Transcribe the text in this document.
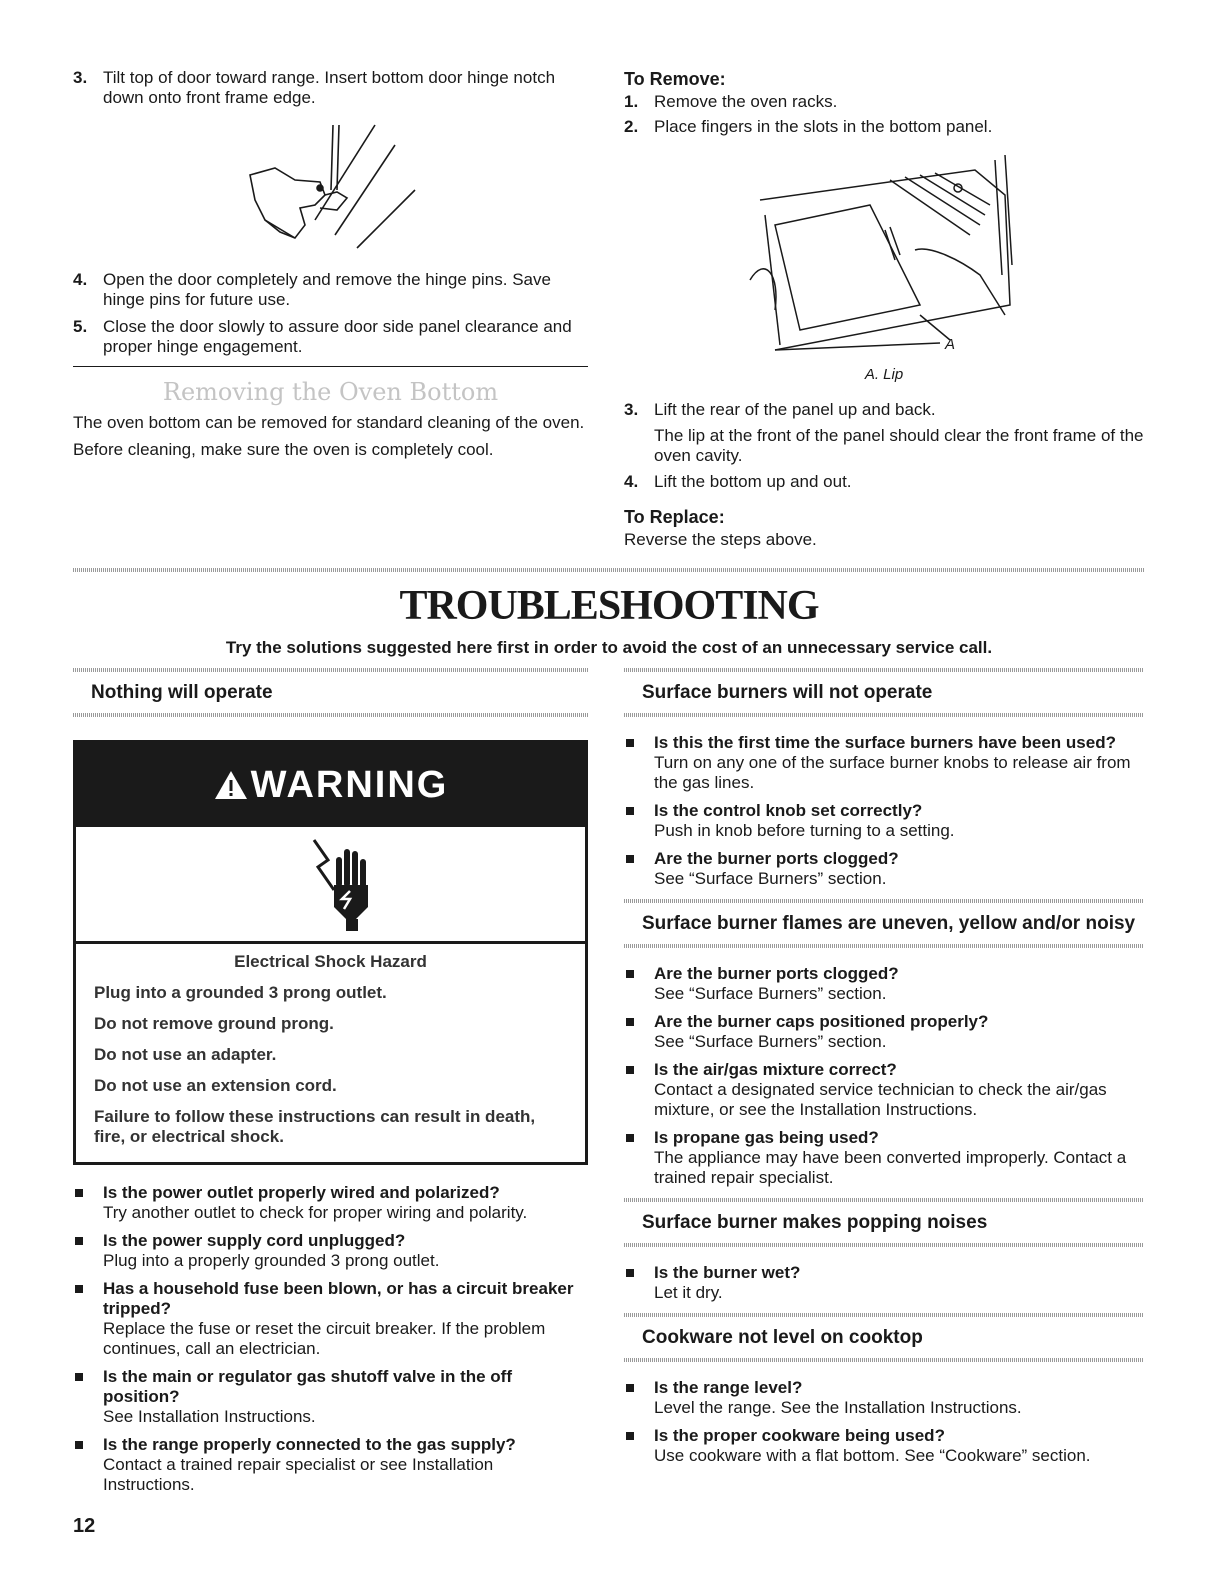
3. Tilt top of door toward range. Insert bottom door hinge notch down onto front frame edge.
4. Open the door completely and remove the hinge pins. Save hinge pins for future use.
5. Close the door slowly to assure door side panel clearance and proper hinge engagement.
Removing the Oven Bottom
The oven bottom can be removed for standard cleaning of the oven.
Before cleaning, make sure the oven is completely cool.
To Remove:
1. Remove the oven racks.
2. Place fingers in the slots in the bottom panel.
A
A. Lip
3. Lift the rear of the panel up and back.
The lip at the front of the panel should clear the front frame of the oven cavity.
4. Lift the bottom up and out.
To Replace:
Reverse the steps above.
TROUBLESHOOTING
Try the solutions suggested here first in order to avoid the cost of an unnecessary service call.
Nothing will operate
WARNING
Electrical Shock Hazard

Plug into a grounded 3 prong outlet.

Do not remove ground prong.

Do not use an adapter.

Do not use an extension cord.

Failure to follow these instructions can result in death, fire, or electrical shock.

Is the power outlet properly wired and polarized?
Try another outlet to check for proper wiring and polarity.
Is the power supply cord unplugged?
Plug into a properly grounded 3 prong outlet.
Has a household fuse been blown, or has a circuit breaker tripped?
Replace the fuse or reset the circuit breaker. If the problem continues, call an electrician.
Is the main or regulator gas shutoff valve in the off position?
See Installation Instructions.
Is the range properly connected to the gas supply?
Contact a trained repair specialist or see Installation Instructions.
Surface burners will not operate
Is this the first time the surface burners have been used?
Turn on any one of the surface burner knobs to release air from the gas lines.
Is the control knob set correctly?
Push in knob before turning to a setting.
Are the burner ports clogged?
See “Surface Burners” section.
Surface burner flames are uneven, yellow and/or noisy
Are the burner ports clogged?
See “Surface Burners” section.
Are the burner caps positioned properly?
See “Surface Burners” section.
Is the air/gas mixture correct?
Contact a designated service technician to check the air/gas mixture, or see the Installation Instructions.
Is propane gas being used?
The appliance may have been converted improperly. Contact a trained repair specialist.
Surface burner makes popping noises
Is the burner wet?
Let it dry.
Cookware not level on cooktop
Is the range level?
Level the range. See the Installation Instructions.
Is the proper cookware being used?
Use cookware with a flat bottom. See “Cookware” section.
12
